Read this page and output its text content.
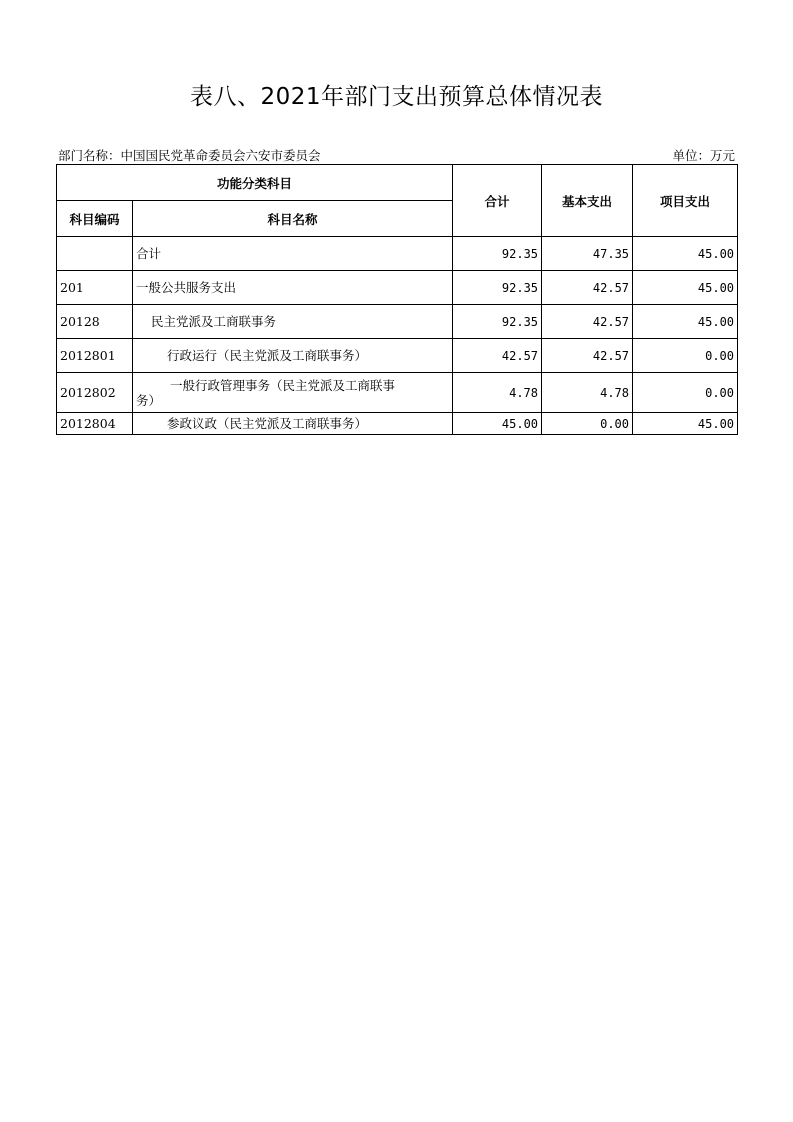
表八、2021年部门支出预算总体情况表
部门名称：中国国民党革命委员会六安市委员会	单位：万元
功能分类科目		合计	基本支出	项目支出
科目编码	科目名称			
	合计	92.35	47.35	45.00
201	一般公共服务支出	92.35	42.57	45.00
20128	民主党派及工商联事务	92.35	42.57	45.00
2012801	行政运行（民主党派及工商联事务）	42.57	42.57	0.00
2012802	一般行政管理事务（民主党派及工商联事
务）	4.78	4.78	0.00
2012804	参政议政（民主党派及工商联事务）	45.00	0.00	45.00
